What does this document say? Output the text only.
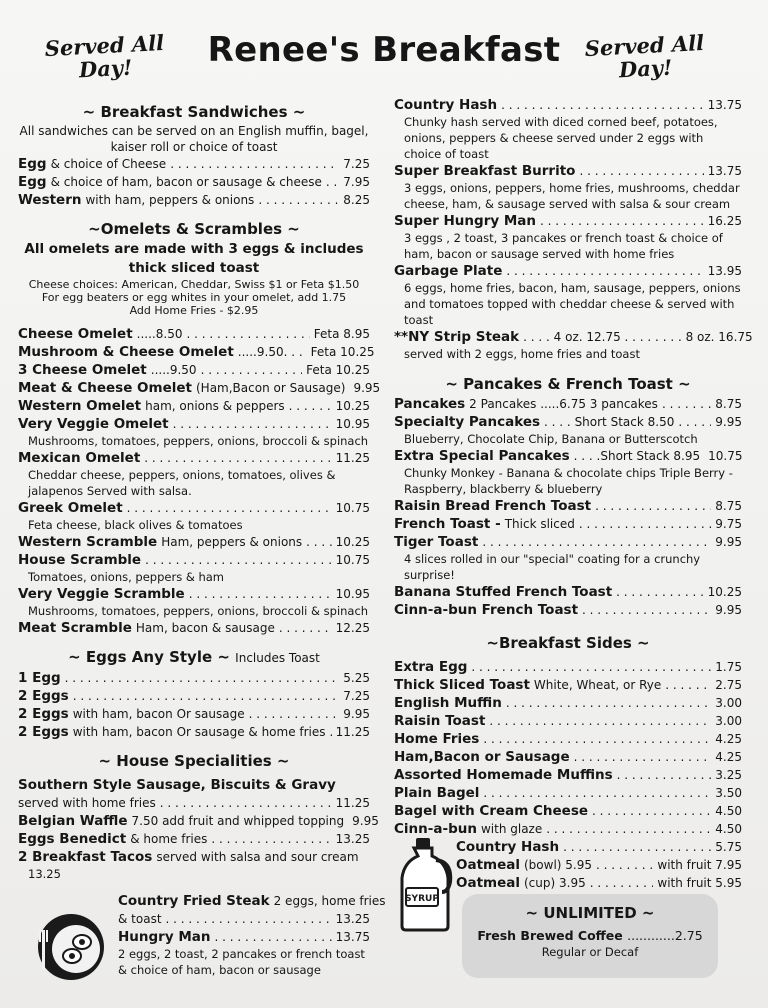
Served All Day!	Renee's Breakfast	Served All Day!
~ Breakfast Sandwiches ~
All sandwiches can be served on an English muffin, bagel, kaiser roll or choice of toast
Egg & choice of Cheese . . .	7.25
Egg & choice of ham, bacon or sausage & cheese . . . 7.95
Western with ham, peppers & onions . . .	8.25
~Omelets & Scrambles ~
All omelets are made with 3 eggs & includes thick sliced toast
Cheese choices: American, Cheddar, Swiss $1 or Feta $1.50
For egg beaters or egg whites in your omelet, add 1.75
Add Home Fries - $2.95
Cheese Omelet .....8.50 . . .	Feta 8.95
Mushroom & Cheese Omelet .....9.50. . . Feta 10.25
3 Cheese Omelet .....9.50 . . .	Feta 10.25
Meat & Cheese Omelet (Ham,Bacon or Sausage) 9.95
Western Omelet ham, onions & peppers . . .	10.25
Very Veggie Omelet . . .	10.95
Mushrooms, tomatoes, peppers, onions, broccoli & spinach
Mexican Omelet . . .	11.25
Cheddar cheese, peppers, onions, tomatoes, olives & jalapenos Served with salsa.
Greek Omelet . . .	10.75
Feta cheese, black olives & tomatoes
Western Scramble Ham, peppers & onions . . .	10.25
House Scramble . . .	10.75
Tomatoes, onions, peppers & ham
Very Veggie Scramble . . .	10.95
Mushrooms, tomatoes, peppers, onions, broccoli & spinach
Meat Scramble Ham, bacon & sausage . . .	12.25
~ Eggs Any Style ~ Includes Toast
1 Egg . . .	5.25
2 Eggs . . .	7.25
2 Eggs with ham, bacon Or sausage . . .	9.95
2 Eggs with ham, bacon Or sausage & home fries . . . 11.25
~ House Specialities ~
Southern Style Sausage, Biscuits & Gravy
served with home fries . . .	11.25
Belgian Waffle 7.50 add fruit and whipped topping 9.95
Eggs Benedict & home fries . . .	13.25
2 Breakfast Tacos served with salsa and sour cream
13.25
Country Fried Steak 2 eggs, home fries
& toast . . .	13.25
Hungry Man . . .	13.75
2 eggs, 2 toast, 2 pancakes or french toast & choice of ham, bacon or sausage
Country Hash . . .	13.75
Chunky hash served with diced corned beef, potatoes, onions, peppers & cheese served under 2 eggs with choice of toast
Super Breakfast Burrito . . .	13.75
3 eggs, onions, peppers, home fries, mushrooms, cheddar cheese, ham, & sausage served with salsa & sour cream
Super Hungry Man . . .	16.25
3 eggs , 2 toast, 3 pancakes or french toast & choice of ham, bacon or sausage served with home fries
Garbage Plate . . .	13.95
6 eggs, home fries, bacon, ham, sausage, peppers, onions and tomatoes topped with cheddar cheese & served with toast
**NY Strip Steak . . . . 4 oz. 12.75 . . . . . . . . 8 oz. 16.75
served with 2 eggs, home fries and toast
~ Pancakes & French Toast ~
Pancakes 2 Pancakes .....6.75 3 pancakes . . .	8.75
Specialty Pancakes . . . . Short Stack 8.50 . . .	9.95
Blueberry, Chocolate Chip, Banana or Butterscotch
Extra Special Pancakes . . . .Short Stack 8.95 10.75
Chunky Monkey - Banana & chocolate chips Triple Berry - Raspberry, blackberry & blueberry
Raisin Bread French Toast . . .	8.75
French Toast - Thick sliced . . .	9.75
Tiger Toast . . .	9.95
4 slices rolled in our "special" coating for a crunchy surprise!
Banana Stuffed French Toast . . .	10.25
Cinn-a-bun French Toast . . .	9.95
~Breakfast Sides ~
Extra Egg . . .	1.75
Thick Sliced Toast White, Wheat, or Rye . . .	2.75
English Muffin . . .	3.00
Raisin Toast . . .	3.00
Home Fries . . .	4.25
Ham,Bacon or Sausage . . .	4.25
Assorted Homemade Muffins . . .	3.25
Plain Bagel . . .	3.50
Bagel with Cream Cheese . . .	4.50
Cinn-a-bun with glaze . . .	4.50
Country Hash . . .	5.75
Oatmeal (bowl) 5.95 . . .	with fruit 7.95
Oatmeal (cup) 3.95 . . .	with fruit 5.95
SYRUP
~ UNLIMITED ~
Fresh Brewed Coffee ............2.75
Regular or Decaf
